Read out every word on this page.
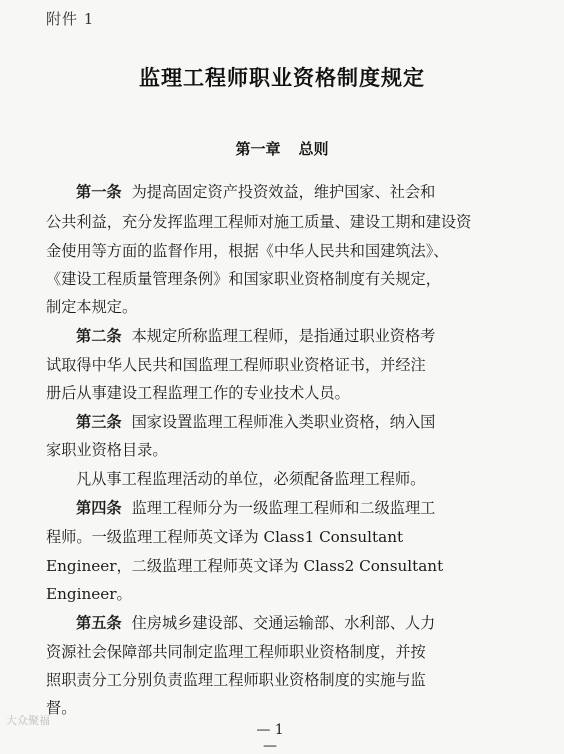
附件 1
监理工程师职业资格制度规定
第一章 总则
第一条 为提高固定资产投资效益，维护国家、社会和
公共利益，充分发挥监理工程师对施工质量、建设工期和建设资
金使用等方面的监督作用，根据《中华人民共和国建筑法》、
《建设工程质量管理条例》和国家职业资格制度有关规定，
制定本规定。
第二条 本规定所称监理工程师，是指通过职业资格考
试取得中华人民共和国监理工程师职业资格证书，并经注
册后从事建设工程监理工作的专业技术人员。
第三条 国家设置监理工程师准入类职业资格，纳入国
家职业资格目录。
凡从事工程监理活动的单位，必须配备监理工程师。
第四条 监理工程师分为一级监理工程师和二级监理工
程师。一级监理工程师英文译为 Class1 Consultant
Engineer，二级监理工程师英文译为 Class2 Consultant
Engineer。
第五条 住房城乡建设部、交通运输部、水利部、人力
资源社会保障部共同制定监理工程师职业资格制度，并按
照职责分工分别负责监理工程师职业资格制度的实施与监
督。
大众聚福
— 1 —
